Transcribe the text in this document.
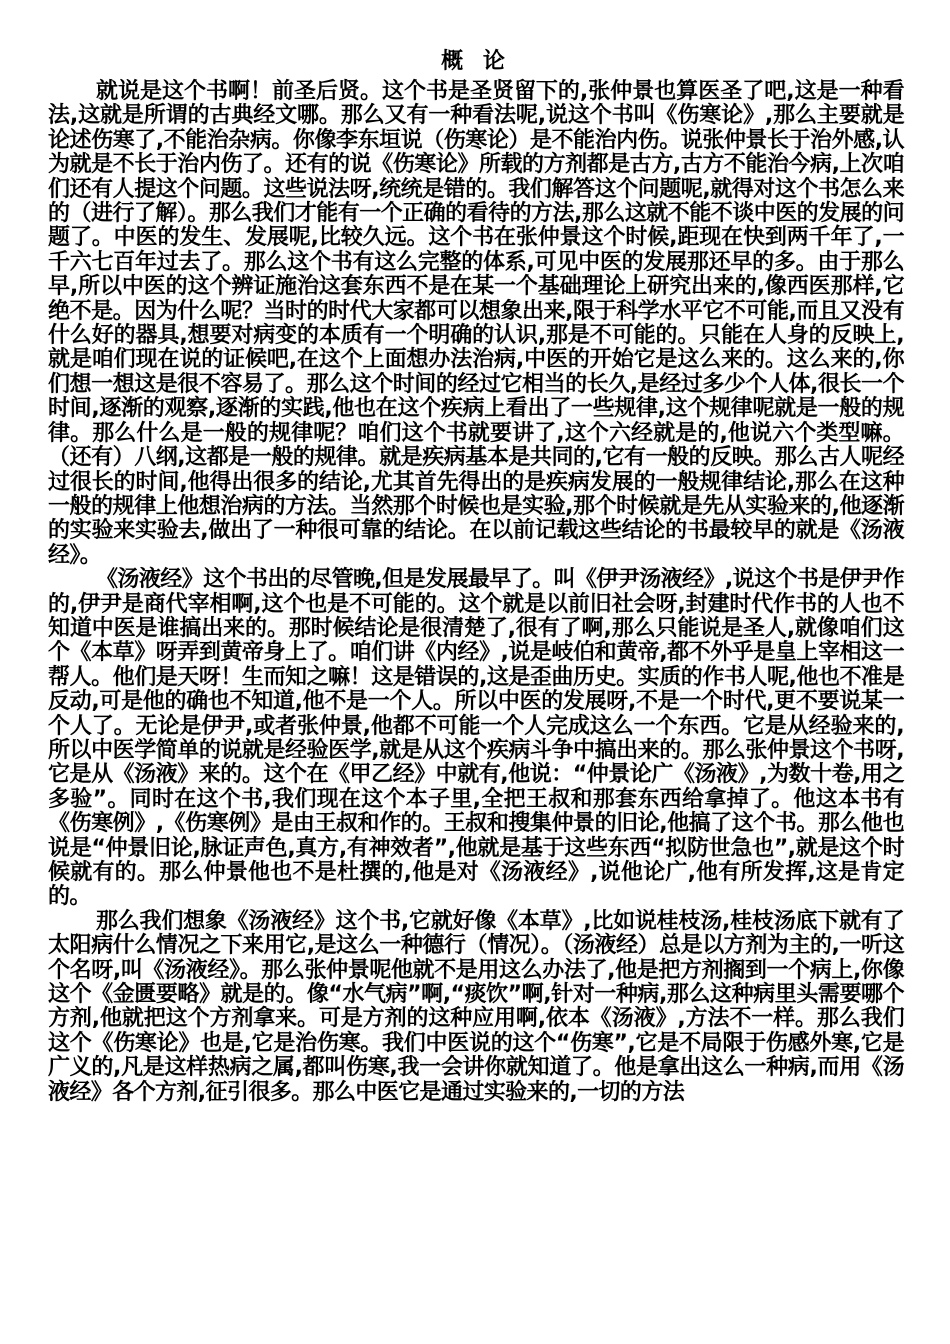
概 论

就说是这个书啊！前圣后贤。这个书是圣贤留下的,张仲景也算医圣了吧,这是一种看法,这就是所谓的古典经文哪。那么又有一种看法呢,说这个书叫《伤寒论》,那么主要就是论述伤寒了,不能治杂病。你像李东垣说（伤寒论）是不能治内伤。说张仲景长于治外感,认为就是不长于治内伤了。还有的说《伤寒论》所载的方剂都是古方,古方不能治今病,上次咱们还有人提这个问题。这些说法呀,统统是错的。我们解答这个问题呢,就得对这个书怎么来的（进行了解）。那么我们才能有一个正确的看待的方法,那么这就不能不谈中医的发展的问题了。中医的发生、发展呢,比较久远。这个书在张仲景这个时候,距现在快到两千年了,一千六七百年过去了。那么这个书有这么完整的体系,可见中医的发展那还早的多。由于那么早,所以中医的这个辨证施治这套东西不是在某一个基础理论上研究出来的,像西医那样,它绝不是。因为什么呢？当时的时代大家都可以想象出来,限于科学水平它不可能,而且又没有什么好的器具,想要对病变的本质有一个明确的认识,那是不可能的。只能在人身的反映上,就是咱们现在说的证候吧,在这个上面想办法治病,中医的开始它是这么来的。这么来的,你们想一想这是很不容易了。那么这个时间的经过它相当的长久,是经过多少个人体,很长一个时间,逐渐的观察,逐渐的实践,他也在这个疾病上看出了一些规律,这个规律呢就是一般的规律。那么什么是一般的规律呢？咱们这个书就要讲了,这个六经就是的,他说六个类型嘛。（还有）八纲,这都是一般的规律。就是疾病基本是共同的,它有一般的反映。那么古人呢经过很长的时间,他得出很多的结论,尤其首先得出的是疾病发展的一般规律结论,那么在这种一般的规律上他想治病的方法。当然那个时候也是实验,那个时候就是先从实验来的,他逐渐的实验来实验去,做出了一种很可靠的结论。在以前记载这些结论的书最较早的就是《汤液经》。

《汤液经》这个书出的尽管晚,但是发展最早了。叫《伊尹汤液经》,说这个书是伊尹作的,伊尹是商代宰相啊,这个也是不可能的。这个就是以前旧社会呀,封建时代作书的人也不知道中医是谁搞出来的。那时候结论是很清楚了,很有了啊,那么只能说是圣人,就像咱们这个《本草》呀弄到黄帝身上了。咱们讲《内经》,说是岐伯和黄帝,都不外乎是皇上宰相这一帮人。他们是天呀！生而知之嘛！这是错误的,这是歪曲历史。实质的作书人呢,他也不准是反动,可是他的确也不知道,他不是一个人。所以中医的发展呀,不是一个时代,更不要说某一个人了。无论是伊尹,或者张仲景,他都不可能一个人完成这么一个东西。它是从经验来的,所以中医学简单的说就是经验医学,就是从这个疾病斗争中搞出来的。那么张仲景这个书呀,它是从《汤液》来的。这个在《甲乙经》中就有,他说：“仲景论广《汤液》,为数十卷,用之多验”。同时在这个书,我们现在这个本子里,全把王叔和那套东西给拿掉了。他这本书有《伤寒例》,《伤寒例》是由王叔和作的。王叔和搜集仲景的旧论,他搞了这个书。那么他也说是“仲景旧论,脉证声色,真方,有神效者”,他就是基于这些东西“拟防世急也”,就是这个时候就有的。那么仲景他也不是杜撰的,他是对《汤液经》,说他论广,他有所发挥,这是肯定的。

那么我们想象《汤液经》这个书,它就好像《本草》,比如说桂枝汤,桂枝汤底下就有了太阳病什么情况之下来用它,是这么一种德行（情况）。（汤液经）总是以方剂为主的,一听这个名呀,叫《汤液经》。那么张仲景呢他就不是用这么办法了,他是把方剂搁到一个病上,你像这个《金匮要略》就是的。像“水气病”啊,“痰饮”啊,针对一种病,那么这种病里头需要哪个方剂,他就把这个方剂拿来。可是方剂的这种应用啊,依本《汤液》,方法不一样。那么我们这个《伤寒论》也是,它是治伤寒。我们中医说的这个“伤寒”,它是不局限于伤感外寒,它是广义的,凡是这样热病之属,都叫伤寒,我一会讲你就知道了。他是拿出这么一种病,而用《汤液经》各个方剂,征引很多。那么中医它是通过实验来的,一切的方法
